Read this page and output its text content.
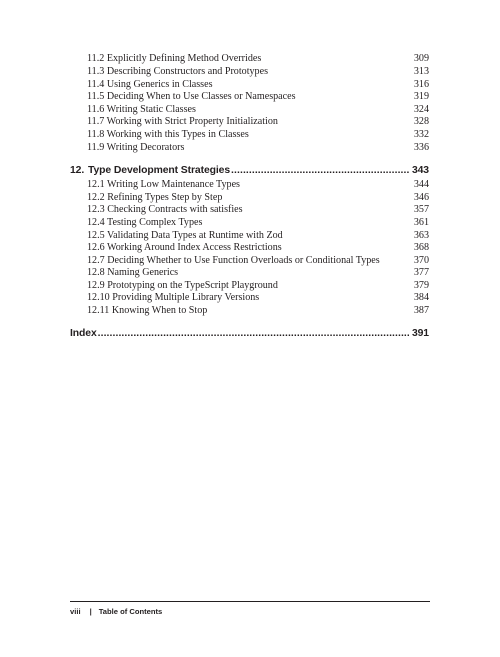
11.2 Explicitly Defining Method Overrides	309
11.3 Describing Constructors and Prototypes	313
11.4 Using Generics in Classes	316
11.5 Deciding When to Use Classes or Namespaces	319
11.6 Writing Static Classes	324
11.7 Working with Strict Property Initialization	328
11.8 Working with this Types in Classes	332
11.9 Writing Decorators	336
12. Type Development Strategies . . .	343
12.1 Writing Low Maintenance Types	344
12.2 Refining Types Step by Step	346
12.3 Checking Contracts with satisfies	357
12.4 Testing Complex Types	361
12.5 Validating Data Types at Runtime with Zod	363
12.6 Working Around Index Access Restrictions	368
12.7 Deciding Whether to Use Function Overloads or Conditional Types	370
12.8 Naming Generics	377
12.9 Prototyping on the TypeScript Playground	379
12.10 Providing Multiple Library Versions	384
12.11 Knowing When to Stop	387
Index . . .	391
viii | Table of Contents
